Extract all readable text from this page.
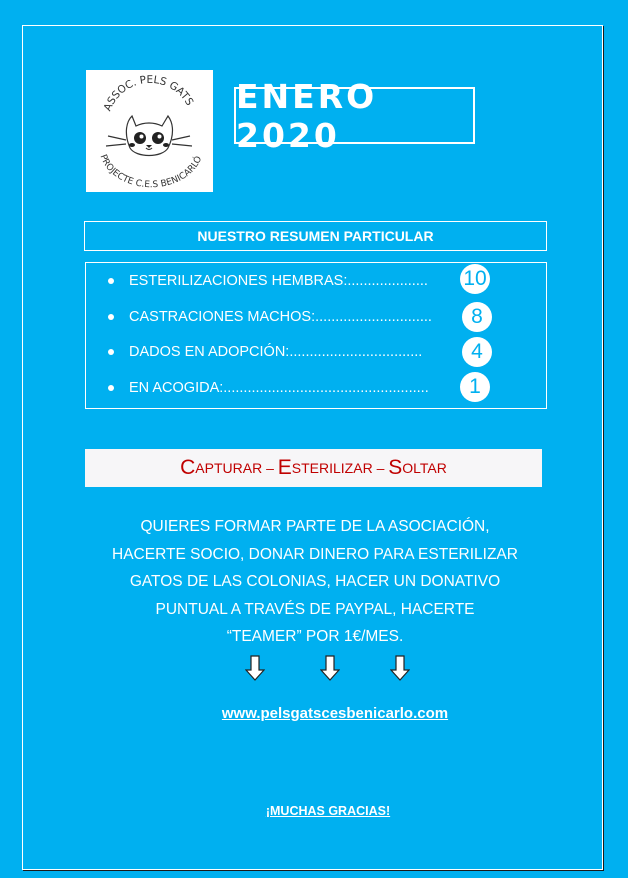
ASSOC. PELS GATS
PROJECTE C.E.S BENICARLÓ
ENERO 2020
NUESTRO RESUMEN PARTICULAR
ESTERILIZACIONES HEMBRAS:.................... 10
CASTRACIONES MACHOS:.............................	8
DADOS EN ADOPCIÓN:.................................	4
EN ACOGIDA:...................................................	1
C APTURAR – E STERILIZAR – S OLTAR
QUIERES FORMAR PARTE DE LA ASOCIACIÓN,
HACERTE SOCIO, DONAR DINERO PARA ESTERILIZAR
GATOS DE LAS COLONIAS, HACER UN DONATIVO
PUNTUAL A TRAVÉS DE PAYPAL, HACERTE
“TEAMER” POR 1€/MES.
www.pelsgatscesbenicarlo.com
¡MUCHAS GRACIAS!
